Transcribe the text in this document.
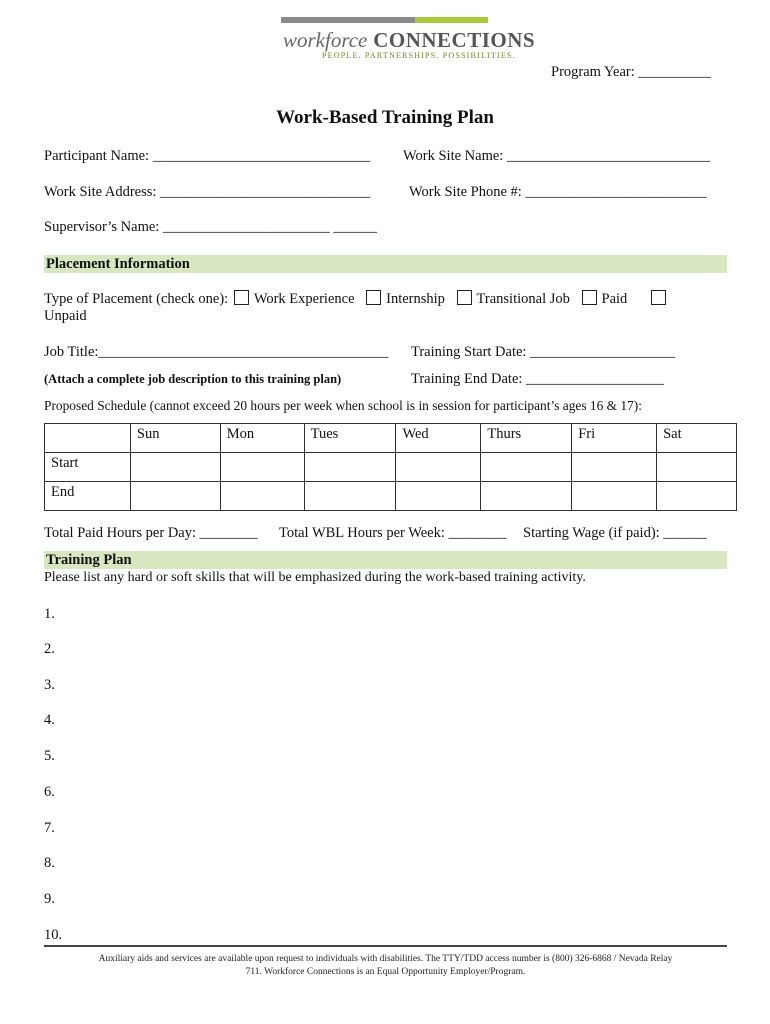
workforce CONNECTIONS
PEOPLE. PARTNERSHIPS. POSSIBILITIES.
Program Year: __________
Work-Based Training Plan
Participant Name: ______________________________ Work Site Name: ____________________________
Work Site Address: _____________________________	Work Site Phone #: _________________________
Supervisor’s Name: _______________________ ______
Placement Information
Type of Placement (check one): Work Experience Internship Transitional Job Paid
Unpaid
Job Title:________________________________________ Training Start Date: ____________________
(Attach a complete job description to this training plan)	Training End Date: ___________________
Proposed Schedule (cannot exceed 20 hours per week when school is in session for participant’s ages 16 & 17):
	Sun	Mon	Tues	Wed	Thurs	Fri	Sat
Start							
End							
Total Paid Hours per Day: ________ Total WBL Hours per Week: ________ Starting Wage (if paid): ______
Training Plan
Please list any hard or soft skills that will be emphasized during the work-based training activity.
1.
2.
3.
4.
5.
6.
7.
8.
9.
10.
Auxiliary aids and services are available upon request to individuals with disabilities. The TTY/TDD access number is (800) 326-6868 / Nevada Relay
711. Workforce Connections is an Equal Opportunity Employer/Program.
